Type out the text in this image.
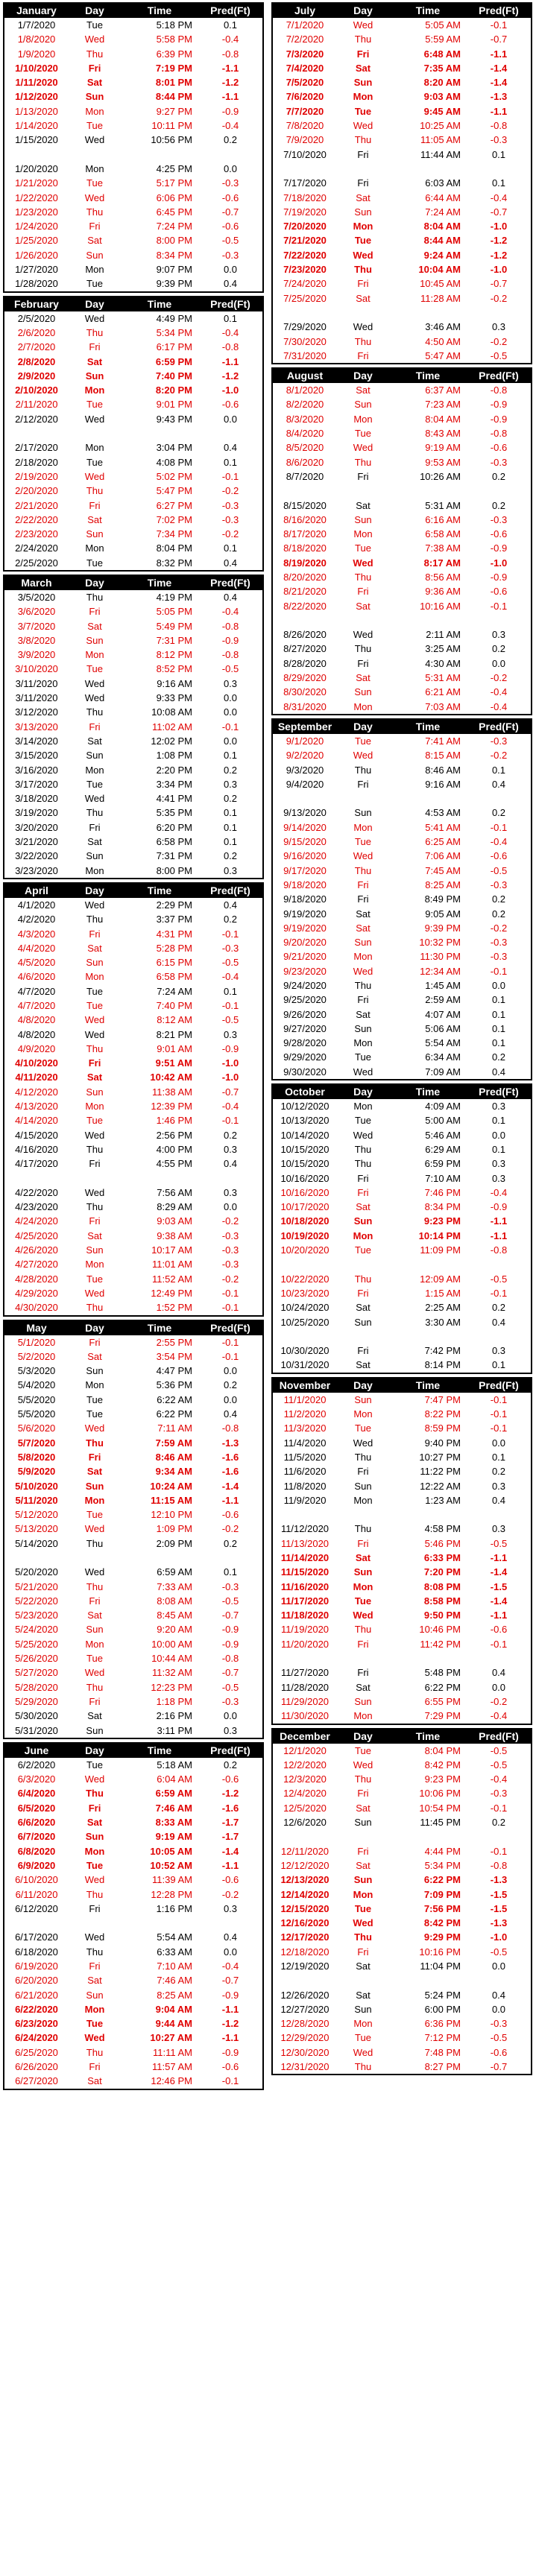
January	Day	Time	Pred(Ft)
1/7/2020	Tue	5:18 PM	0.1
1/8/2020	Wed	5:58 PM	-0.4
1/9/2020	Thu	6:39 PM	-0.8
1/10/2020	Fri	7:19 PM	-1.1
1/11/2020	Sat	8:01 PM	-1.2
1/12/2020	Sun	8:44 PM	-1.1
1/13/2020	Mon	9:27 PM	-0.9
1/14/2020	Tue	10:11 PM	-0.4
1/15/2020	Wed	10:56 PM	0.2
1/20/2020	Mon	4:25 PM	0.0
1/21/2020	Tue	5:17 PM	-0.3
1/22/2020	Wed	6:06 PM	-0.6
1/23/2020	Thu	6:45 PM	-0.7
1/24/2020	Fri	7:24 PM	-0.6
1/25/2020	Sat	8:00 PM	-0.5
1/26/2020	Sun	8:34 PM	-0.3
1/27/2020	Mon	9:07 PM	0.0
1/28/2020	Tue	9:39 PM	0.4
February	Day	Time	Pred(Ft)
2/5/2020	Wed	4:49 PM	0.1
2/6/2020	Thu	5:34 PM	-0.4
2/7/2020	Fri	6:17 PM	-0.8
2/8/2020	Sat	6:59 PM	-1.1
2/9/2020	Sun	7:40 PM	-1.2
2/10/2020	Mon	8:20 PM	-1.0
2/11/2020	Tue	9:01 PM	-0.6
2/12/2020	Wed	9:43 PM	0.0
2/17/2020	Mon	3:04 PM	0.4
2/18/2020	Tue	4:08 PM	0.1
2/19/2020	Wed	5:02 PM	-0.1
2/20/2020	Thu	5:47 PM	-0.2
2/21/2020	Fri	6:27 PM	-0.3
2/22/2020	Sat	7:02 PM	-0.3
2/23/2020	Sun	7:34 PM	-0.2
2/24/2020	Mon	8:04 PM	0.1
2/25/2020	Tue	8:32 PM	0.4
March	Day	Time	Pred(Ft)
3/5/2020	Thu	4:19 PM	0.4
3/6/2020	Fri	5:05 PM	-0.4
3/7/2020	Sat	5:49 PM	-0.8
3/8/2020	Sun	7:31 PM	-0.9
3/9/2020	Mon	8:12 PM	-0.8
3/10/2020	Tue	8:52 PM	-0.5
3/11/2020	Wed	9:16 AM	0.3
3/11/2020	Wed	9:33 PM	0.0
3/12/2020	Thu	10:08 AM	0.0
3/13/2020	Fri	11:02 AM	-0.1
3/14/2020	Sat	12:02 PM	0.0
3/15/2020	Sun	1:08 PM	0.1
3/16/2020	Mon	2:20 PM	0.2
3/17/2020	Tue	3:34 PM	0.3
3/18/2020	Wed	4:41 PM	0.2
3/19/2020	Thu	5:35 PM	0.1
3/20/2020	Fri	6:20 PM	0.1
3/21/2020	Sat	6:58 PM	0.1
3/22/2020	Sun	7:31 PM	0.2
3/23/2020	Mon	8:00 PM	0.3
April	Day	Time	Pred(Ft)
4/1/2020	Wed	2:29 PM	0.4
4/2/2020	Thu	3:37 PM	0.2
4/3/2020	Fri	4:31 PM	-0.1
4/4/2020	Sat	5:28 PM	-0.3
4/5/2020	Sun	6:15 PM	-0.5
4/6/2020	Mon	6:58 PM	-0.4
4/7/2020	Tue	7:24 AM	0.1
4/7/2020	Tue	7:40 PM	-0.1
4/8/2020	Wed	8:12 AM	-0.5
4/8/2020	Wed	8:21 PM	0.3
4/9/2020	Thu	9:01 AM	-0.9
4/10/2020	Fri	9:51 AM	-1.0
4/11/2020	Sat	10:42 AM	-1.0
4/12/2020	Sun	11:38 AM	-0.7
4/13/2020	Mon	12:39 PM	-0.4
4/14/2020	Tue	1:46 PM	-0.1
4/15/2020	Wed	2:56 PM	0.2
4/16/2020	Thu	4:00 PM	0.3
4/17/2020	Fri	4:55 PM	0.4
4/22/2020	Wed	7:56 AM	0.3
4/23/2020	Thu	8:29 AM	0.0
4/24/2020	Fri	9:03 AM	-0.2
4/25/2020	Sat	9:38 AM	-0.3
4/26/2020	Sun	10:17 AM	-0.3
4/27/2020	Mon	11:01 AM	-0.3
4/28/2020	Tue	11:52 AM	-0.2
4/29/2020	Wed	12:49 PM	-0.1
4/30/2020	Thu	1:52 PM	-0.1
May	Day	Time	Pred(Ft)
5/1/2020	Fri	2:55 PM	-0.1
5/2/2020	Sat	3:54 PM	-0.1
5/3/2020	Sun	4:47 PM	0.0
5/4/2020	Mon	5:36 PM	0.2
5/5/2020	Tue	6:22 AM	0.0
5/5/2020	Tue	6:22 PM	0.4
5/6/2020	Wed	7:11 AM	-0.8
5/7/2020	Thu	7:59 AM	-1.3
5/8/2020	Fri	8:46 AM	-1.6
5/9/2020	Sat	9:34 AM	-1.6
5/10/2020	Sun	10:24 AM	-1.4
5/11/2020	Mon	11:15 AM	-1.1
5/12/2020	Tue	12:10 PM	-0.6
5/13/2020	Wed	1:09 PM	-0.2
5/14/2020	Thu	2:09 PM	0.2
5/20/2020	Wed	6:59 AM	0.1
5/21/2020	Thu	7:33 AM	-0.3
5/22/2020	Fri	8:08 AM	-0.5
5/23/2020	Sat	8:45 AM	-0.7
5/24/2020	Sun	9:20 AM	-0.9
5/25/2020	Mon	10:00 AM	-0.9
5/26/2020	Tue	10:44 AM	-0.8
5/27/2020	Wed	11:32 AM	-0.7
5/28/2020	Thu	12:23 PM	-0.5
5/29/2020	Fri	1:18 PM	-0.3
5/30/2020	Sat	2:16 PM	0.0
5/31/2020	Sun	3:11 PM	0.3
June	Day	Time	Pred(Ft)
6/2/2020	Tue	5:18 AM	0.2
6/3/2020	Wed	6:04 AM	-0.6
6/4/2020	Thu	6:59 AM	-1.2
6/5/2020	Fri	7:46 AM	-1.6
6/6/2020	Sat	8:33 AM	-1.7
6/7/2020	Sun	9:19 AM	-1.7
6/8/2020	Mon	10:05 AM	-1.4
6/9/2020	Tue	10:52 AM	-1.1
6/10/2020	Wed	11:39 AM	-0.6
6/11/2020	Thu	12:28 PM	-0.2
6/12/2020	Fri	1:16 PM	0.3
6/17/2020	Wed	5:54 AM	0.4
6/18/2020	Thu	6:33 AM	0.0
6/19/2020	Fri	7:10 AM	-0.4
6/20/2020	Sat	7:46 AM	-0.7
6/21/2020	Sun	8:25 AM	-0.9
6/22/2020	Mon	9:04 AM	-1.1
6/23/2020	Tue	9:44 AM	-1.2
6/24/2020	Wed	10:27 AM	-1.1
6/25/2020	Thu	11:11 AM	-0.9
6/26/2020	Fri	11:57 AM	-0.6
6/27/2020	Sat	12:46 PM	-0.1
July	Day	Time	Pred(Ft)
7/1/2020	Wed	5:05 AM	-0.1
7/2/2020	Thu	5:59 AM	-0.7
7/3/2020	Fri	6:48 AM	-1.1
7/4/2020	Sat	7:35 AM	-1.4
7/5/2020	Sun	8:20 AM	-1.4
7/6/2020	Mon	9:03 AM	-1.3
7/7/2020	Tue	9:45 AM	-1.1
7/8/2020	Wed	10:25 AM	-0.8
7/9/2020	Thu	11:05 AM	-0.3
7/10/2020	Fri	11:44 AM	0.1
7/17/2020	Fri	6:03 AM	0.1
7/18/2020	Sat	6:44 AM	-0.4
7/19/2020	Sun	7:24 AM	-0.7
7/20/2020	Mon	8:04 AM	-1.0
7/21/2020	Tue	8:44 AM	-1.2
7/22/2020	Wed	9:24 AM	-1.2
7/23/2020	Thu	10:04 AM	-1.0
7/24/2020	Fri	10:45 AM	-0.7
7/25/2020	Sat	11:28 AM	-0.2
7/29/2020	Wed	3:46 AM	0.3
7/30/2020	Thu	4:50 AM	-0.2
7/31/2020	Fri	5:47 AM	-0.5
August	Day	Time	Pred(Ft)
8/1/2020	Sat	6:37 AM	-0.8
8/2/2020	Sun	7:23 AM	-0.9
8/3/2020	Mon	8:04 AM	-0.9
8/4/2020	Tue	8:43 AM	-0.8
8/5/2020	Wed	9:19 AM	-0.6
8/6/2020	Thu	9:53 AM	-0.3
8/7/2020	Fri	10:26 AM	0.2
8/15/2020	Sat	5:31 AM	0.2
8/16/2020	Sun	6:16 AM	-0.3
8/17/2020	Mon	6:58 AM	-0.6
8/18/2020	Tue	7:38 AM	-0.9
8/19/2020	Wed	8:17 AM	-1.0
8/20/2020	Thu	8:56 AM	-0.9
8/21/2020	Fri	9:36 AM	-0.6
8/22/2020	Sat	10:16 AM	-0.1
8/26/2020	Wed	2:11 AM	0.3
8/27/2020	Thu	3:25 AM	0.2
8/28/2020	Fri	4:30 AM	0.0
8/29/2020	Sat	5:31 AM	-0.2
8/30/2020	Sun	6:21 AM	-0.4
8/31/2020	Mon	7:03 AM	-0.4
September	Day	Time	Pred(Ft)
9/1/2020	Tue	7:41 AM	-0.3
9/2/2020	Wed	8:15 AM	-0.2
9/3/2020	Thu	8:46 AM	0.1
9/4/2020	Fri	9:16 AM	0.4
9/13/2020	Sun	4:53 AM	0.2
9/14/2020	Mon	5:41 AM	-0.1
9/15/2020	Tue	6:25 AM	-0.4
9/16/2020	Wed	7:06 AM	-0.6
9/17/2020	Thu	7:45 AM	-0.5
9/18/2020	Fri	8:25 AM	-0.3
9/18/2020	Fri	8:49 PM	0.2
9/19/2020	Sat	9:05 AM	0.2
9/19/2020	Sat	9:39 PM	-0.2
9/20/2020	Sun	10:32 PM	-0.3
9/21/2020	Mon	11:30 PM	-0.3
9/23/2020	Wed	12:34 AM	-0.1
9/24/2020	Thu	1:45 AM	0.0
9/25/2020	Fri	2:59 AM	0.1
9/26/2020	Sat	4:07 AM	0.1
9/27/2020	Sun	5:06 AM	0.1
9/28/2020	Mon	5:54 AM	0.1
9/29/2020	Tue	6:34 AM	0.2
9/30/2020	Wed	7:09 AM	0.4
October	Day	Time	Pred(Ft)
10/12/2020	Mon	4:09 AM	0.3
10/13/2020	Tue	5:00 AM	0.1
10/14/2020	Wed	5:46 AM	0.0
10/15/2020	Thu	6:29 AM	0.1
10/15/2020	Thu	6:59 PM	0.3
10/16/2020	Fri	7:10 AM	0.3
10/16/2020	Fri	7:46 PM	-0.4
10/17/2020	Sat	8:34 PM	-0.9
10/18/2020	Sun	9:23 PM	-1.1
10/19/2020	Mon	10:14 PM	-1.1
10/20/2020	Tue	11:09 PM	-0.8
10/22/2020	Thu	12:09 AM	-0.5
10/23/2020	Fri	1:15 AM	-0.1
10/24/2020	Sat	2:25 AM	0.2
10/25/2020	Sun	3:30 AM	0.4
10/30/2020	Fri	7:42 PM	0.3
10/31/2020	Sat	8:14 PM	0.1
November	Day	Time	Pred(Ft)
11/1/2020	Sun	7:47 PM	-0.1
11/2/2020	Mon	8:22 PM	-0.1
11/3/2020	Tue	8:59 PM	-0.1
11/4/2020	Wed	9:40 PM	0.0
11/5/2020	Thu	10:27 PM	0.1
11/6/2020	Fri	11:22 PM	0.2
11/8/2020	Sun	12:22 AM	0.3
11/9/2020	Mon	1:23 AM	0.4
11/12/2020	Thu	4:58 PM	0.3
11/13/2020	Fri	5:46 PM	-0.5
11/14/2020	Sat	6:33 PM	-1.1
11/15/2020	Sun	7:20 PM	-1.4
11/16/2020	Mon	8:08 PM	-1.5
11/17/2020	Tue	8:58 PM	-1.4
11/18/2020	Wed	9:50 PM	-1.1
11/19/2020	Thu	10:46 PM	-0.6
11/20/2020	Fri	11:42 PM	-0.1
11/27/2020	Fri	5:48 PM	0.4
11/28/2020	Sat	6:22 PM	0.0
11/29/2020	Sun	6:55 PM	-0.2
11/30/2020	Mon	7:29 PM	-0.4
December	Day	Time	Pred(Ft)
12/1/2020	Tue	8:04 PM	-0.5
12/2/2020	Wed	8:42 PM	-0.5
12/3/2020	Thu	9:23 PM	-0.4
12/4/2020	Fri	10:06 PM	-0.3
12/5/2020	Sat	10:54 PM	-0.1
12/6/2020	Sun	11:45 PM	0.2
12/11/2020	Fri	4:44 PM	-0.1
12/12/2020	Sat	5:34 PM	-0.8
12/13/2020	Sun	6:22 PM	-1.3
12/14/2020	Mon	7:09 PM	-1.5
12/15/2020	Tue	7:56 PM	-1.5
12/16/2020	Wed	8:42 PM	-1.3
12/17/2020	Thu	9:29 PM	-1.0
12/18/2020	Fri	10:16 PM	-0.5
12/19/2020	Sat	11:04 PM	0.0
12/26/2020	Sat	5:24 PM	0.4
12/27/2020	Sun	6:00 PM	0.0
12/28/2020	Mon	6:36 PM	-0.3
12/29/2020	Tue	7:12 PM	-0.5
12/30/2020	Wed	7:48 PM	-0.6
12/31/2020	Thu	8:27 PM	-0.7
